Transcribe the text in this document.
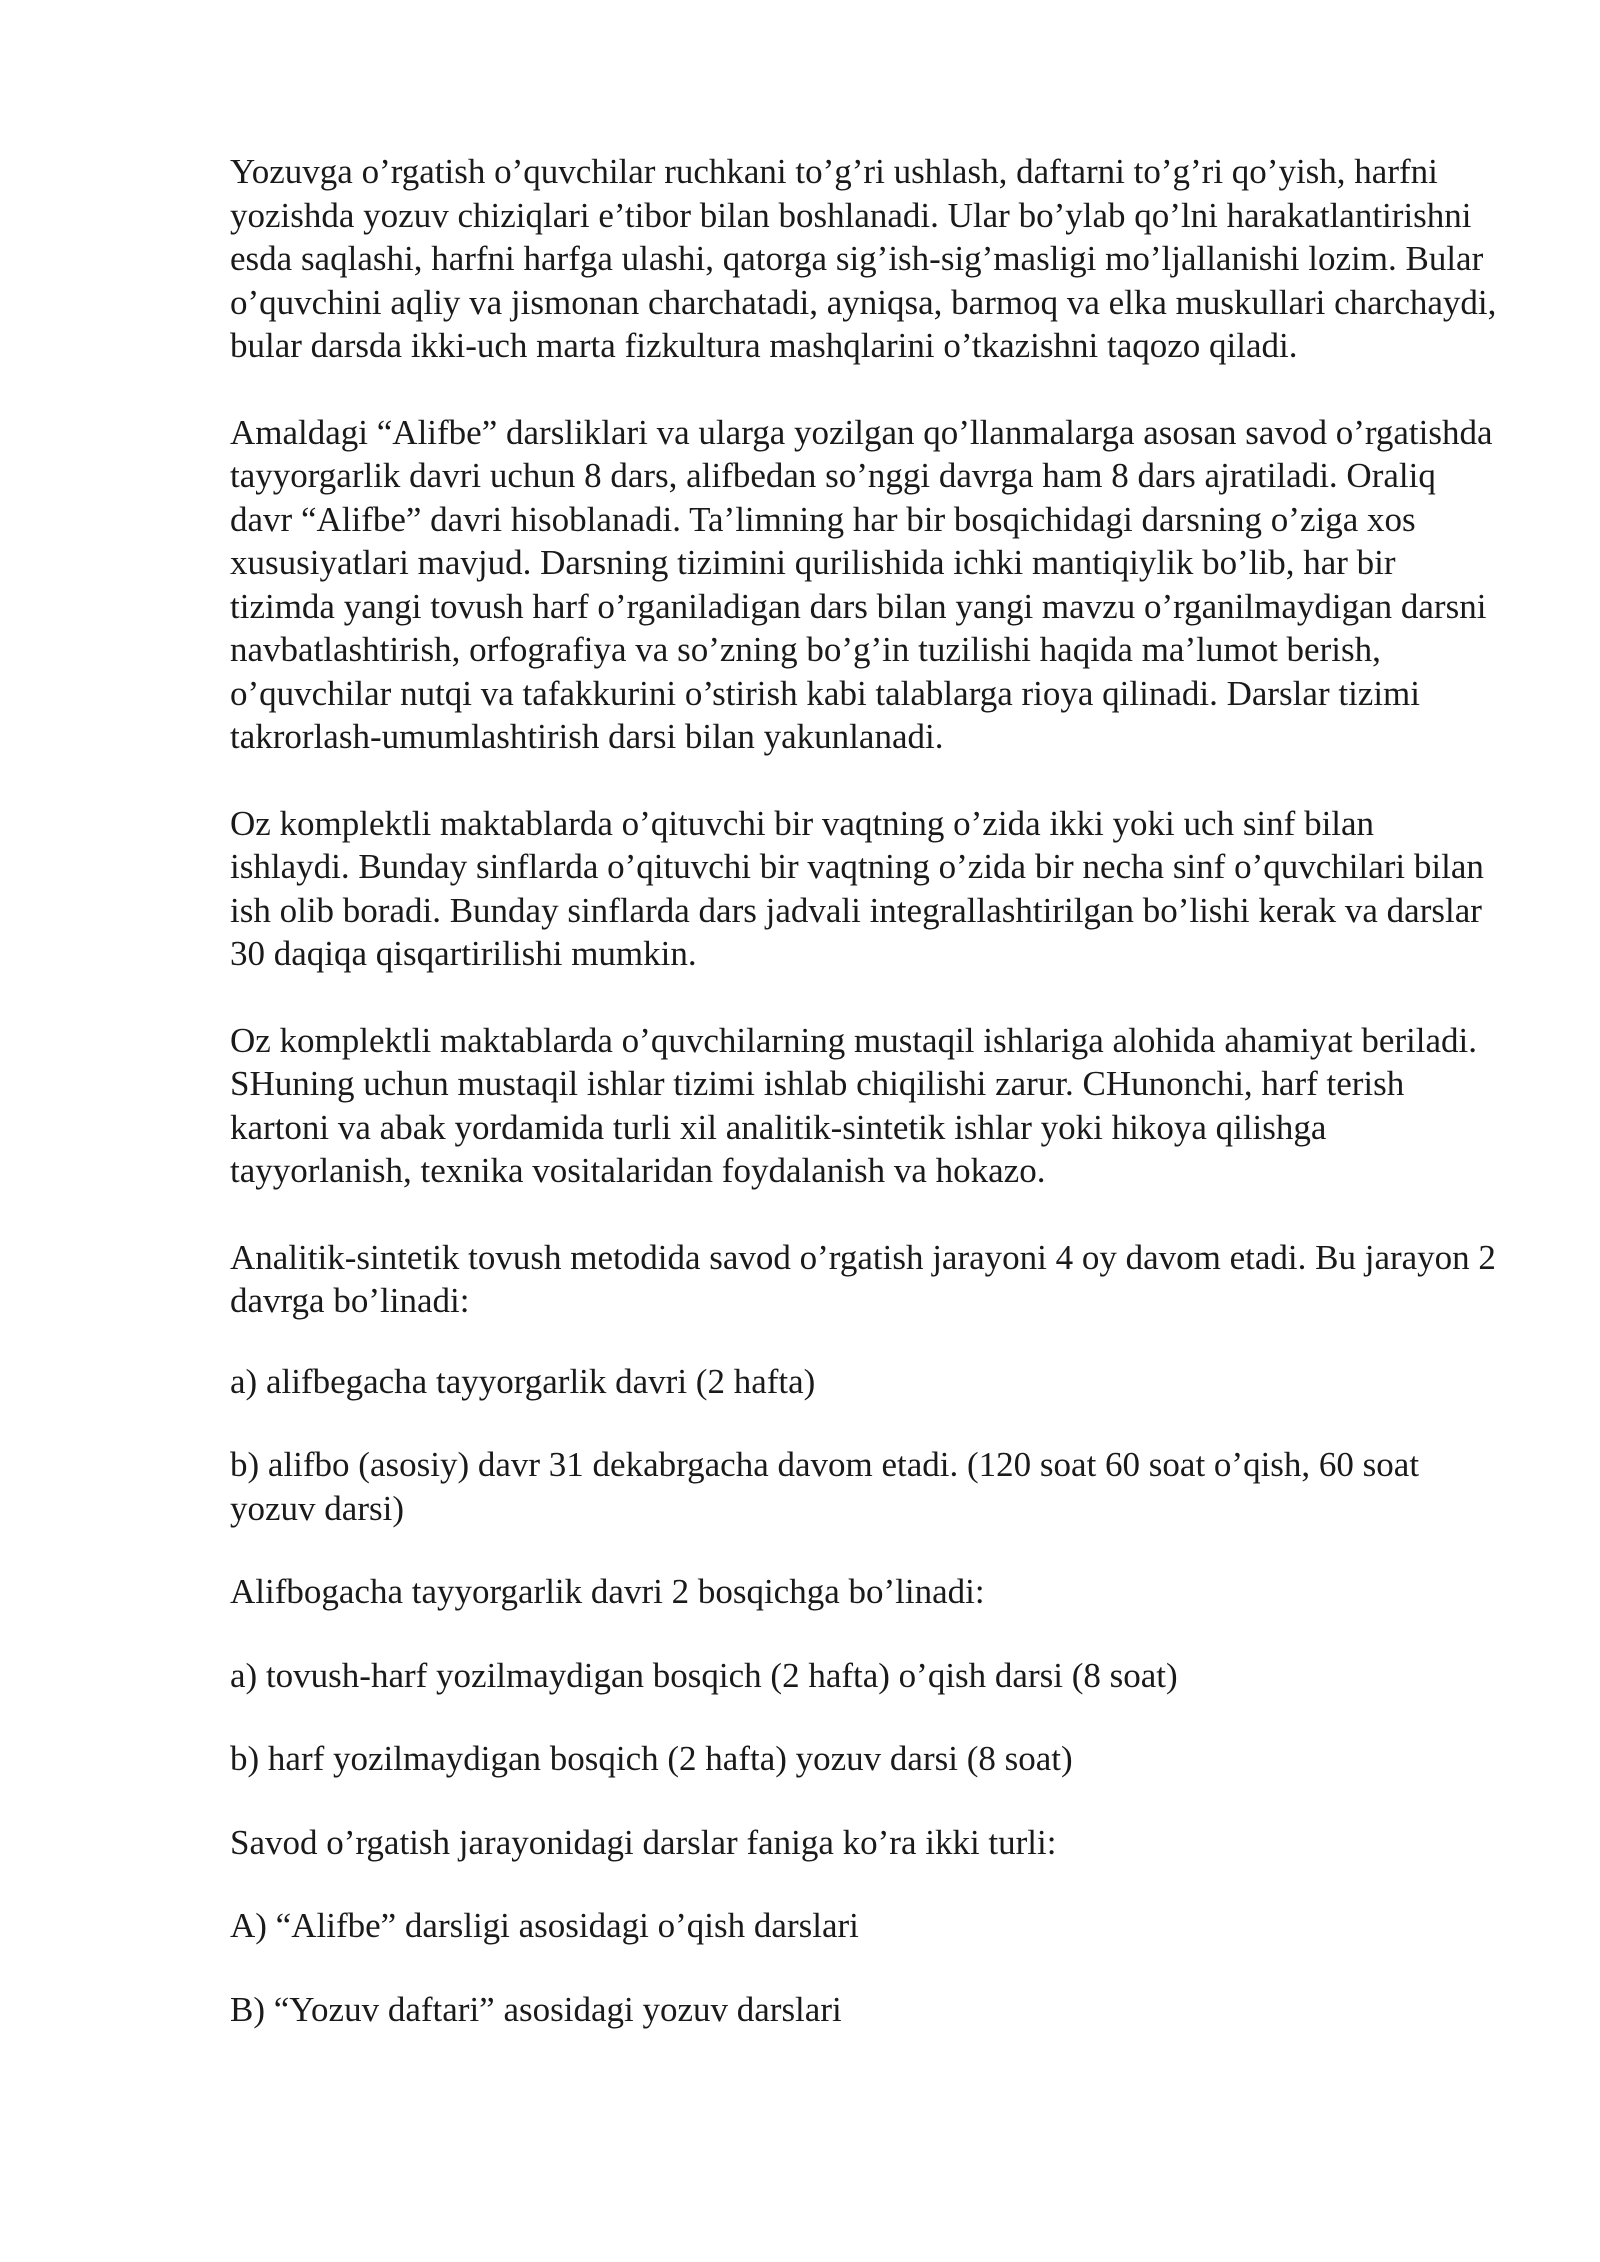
Yozuvga o’rgatish o’quvchilar ruchkani to’g’ri ushlash, daftarni to’g’ri qo’yish, harfni yozishda yozuv chiziqlari e’tibor bilan boshlanadi. Ular bo’ylab qo’lni harakatlantirishni esda saqlashi, harfni harfga ulashi, qatorga sig’ish-sig’masligi mo’ljallanishi lozim. Bular o’quvchini aqliy va jismonan charchatadi, ayniqsa, barmoq va elka muskullari charchaydi, bular darsda ikki-uch marta fizkultura mashqlarini o’tkazishni taqozo qiladi.

Amaldagi “Alifbe” darsliklari va ularga yozilgan qo’llanmalarga asosan savod o’rgatishda tayyorgarlik davri uchun 8 dars, alifbedan so’nggi davrga ham 8 dars ajratiladi. Oraliq davr “Alifbe” davri hisoblanadi. Ta’limning har bir bosqichidagi darsning o’ziga xos xususiyatlari mavjud. Darsning tizimini qurilishida ichki mantiqiylik bo’lib, har bir tizimda yangi tovush harf o’rganiladigan dars bilan yangi mavzu o’rganilmaydigan darsni navbatlashtirish, orfografiya va so’zning bo’g’in tuzilishi haqida ma’lumot berish, o’quvchilar nutqi va tafakkurini o’stirish kabi talablarga rioya qilinadi. Darslar tizimi takrorlash-umumlashtirish darsi bilan yakunlanadi.

Oz komplektli maktablarda o’qituvchi bir vaqtning o’zida ikki yoki uch sinf bilan ishlaydi. Bunday sinflarda o’qituvchi bir vaqtning o’zida bir necha sinf o’quvchilari bilan ish olib boradi. Bunday sinflarda dars jadvali integrallashtirilgan bo’lishi kerak va darslar 30 daqiqa qisqartirilishi mumkin.

Oz komplektli maktablarda o’quvchilarning mustaqil ishlariga alohida ahamiyat beriladi. SHuning uchun mustaqil ishlar tizimi ishlab chiqilishi zarur. CHunonchi, harf terish kartoni va abak yordamida turli xil analitik-sintetik ishlar yoki hikoya qilishga tayyorlanish, texnika vositalaridan foydalanish va hokazo.

Analitik-sintetik tovush metodida savod o’rgatish jarayoni 4 oy davom etadi. Bu jarayon 2 davrga bo’linadi:

a) alifbegacha tayyorgarlik davri (2 hafta)

b) alifbo (asosiy) davr 31 dekabrgacha davom etadi. (120 soat 60 soat o’qish, 60 soat yozuv darsi)

Alifbogacha tayyorgarlik davri 2 bosqichga bo’linadi:

a) tovush-harf yozilmaydigan bosqich (2 hafta) o’qish darsi (8 soat)

b) harf yozilmaydigan bosqich (2 hafta) yozuv darsi (8 soat)

Savod o’rgatish jarayonidagi darslar faniga ko’ra ikki turli:

A) “Alifbe” darsligi asosidagi o’qish darslari

B) “Yozuv daftari” asosidagi yozuv darslari
